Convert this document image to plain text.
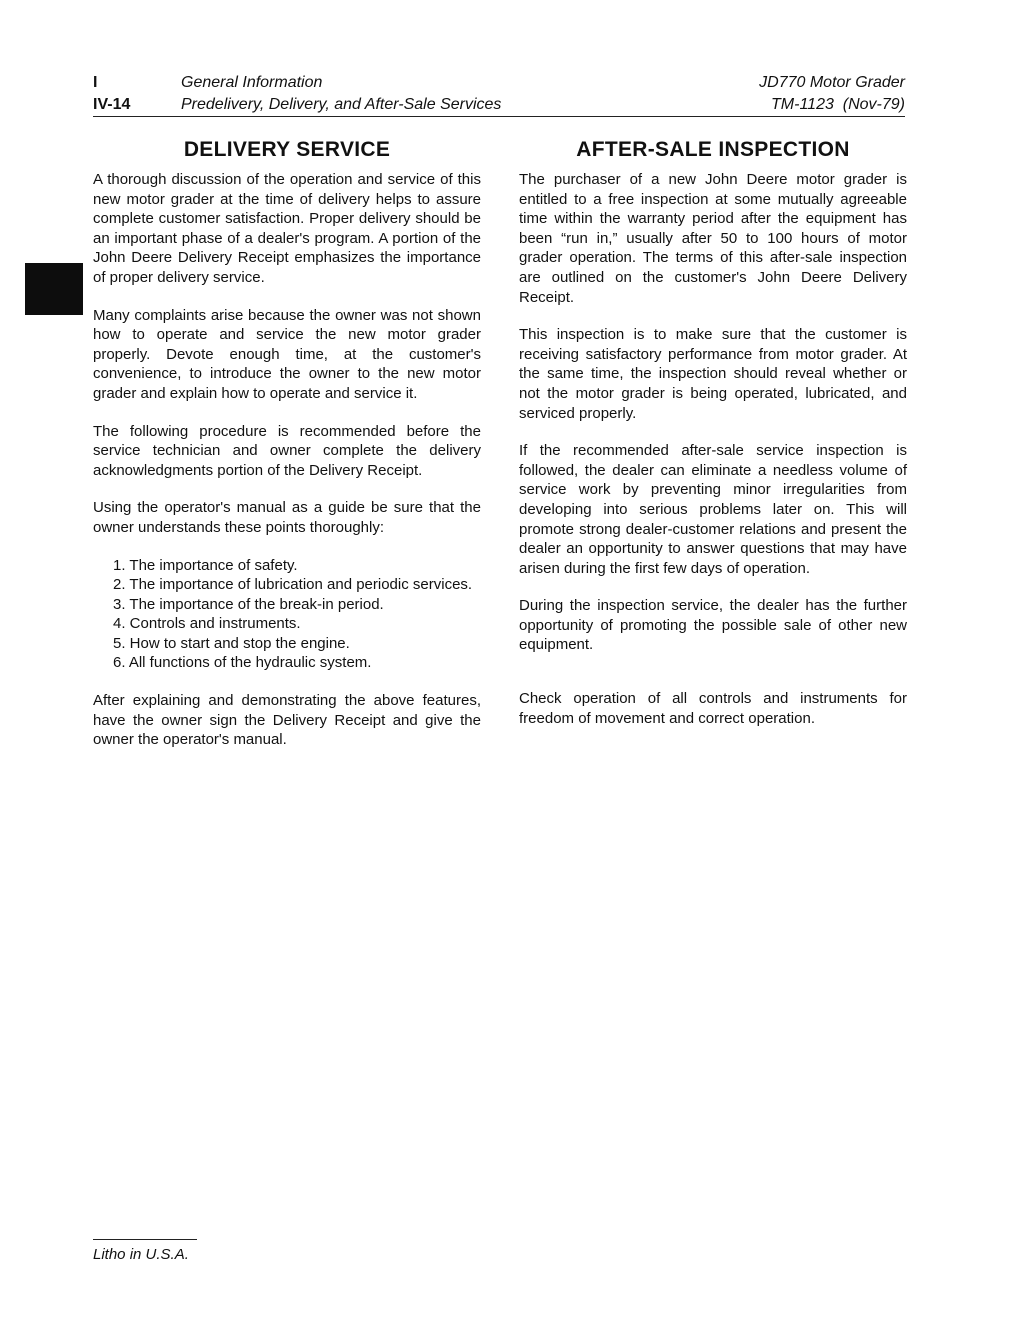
I	General Information
IV-14	Predelivery, Delivery, and After-Sale Services
JD770 Motor Grader
TM-1123  (Nov-79)
DELIVERY SERVICE

A thorough discussion of the operation and service of this new motor grader at the time of delivery helps to assure complete customer satisfaction. Proper delivery should be an important phase of a dealer's program. A portion of the John Deere Delivery Receipt emphasizes the importance of proper delivery service.

Many complaints arise because the owner was not shown how to operate and service the new motor grader properly. Devote enough time, at the customer's convenience, to introduce the owner to the new motor grader and explain how to operate and service it.

The following procedure is recommended before the service technician and owner complete the delivery acknowledgments portion of the Delivery Receipt.

Using the operator's manual as a guide be sure that the owner understands these points thoroughly:

1. The importance of safety.
2. The importance of lubrication and periodic services.
3. The importance of the break-in period.
4. Controls and instruments.
5. How to start and stop the engine.
6. All functions of the hydraulic system.

After explaining and demonstrating the above features, have the owner sign the Delivery Receipt and give the owner the operator's manual.

AFTER-SALE INSPECTION

The purchaser of a new John Deere motor grader is entitled to a free inspection at some mutually agreeable time within the warranty period after the equipment has been “run in,” usually after 50 to 100 hours of motor grader operation. The terms of this after-sale inspection are outlined on the customer's John Deere Delivery Receipt.

This inspection is to make sure that the customer is receiving satisfactory performance from motor grader. At the same time, the inspection should reveal whether or not the motor grader is being operated, lubricated, and serviced properly.

If the recommended after-sale service inspection is followed, the dealer can eliminate a needless volume of service work by preventing minor irregularities from developing into serious problems later on. This will promote strong dealer-customer relations and present the dealer an opportunity to answer questions that may have arisen during the first few days of operation.

During the inspection service, the dealer has the further opportunity of promoting the possible sale of other new equipment.

Check operation of all controls and instruments for freedom of movement and correct operation.

Litho in U.S.A.
